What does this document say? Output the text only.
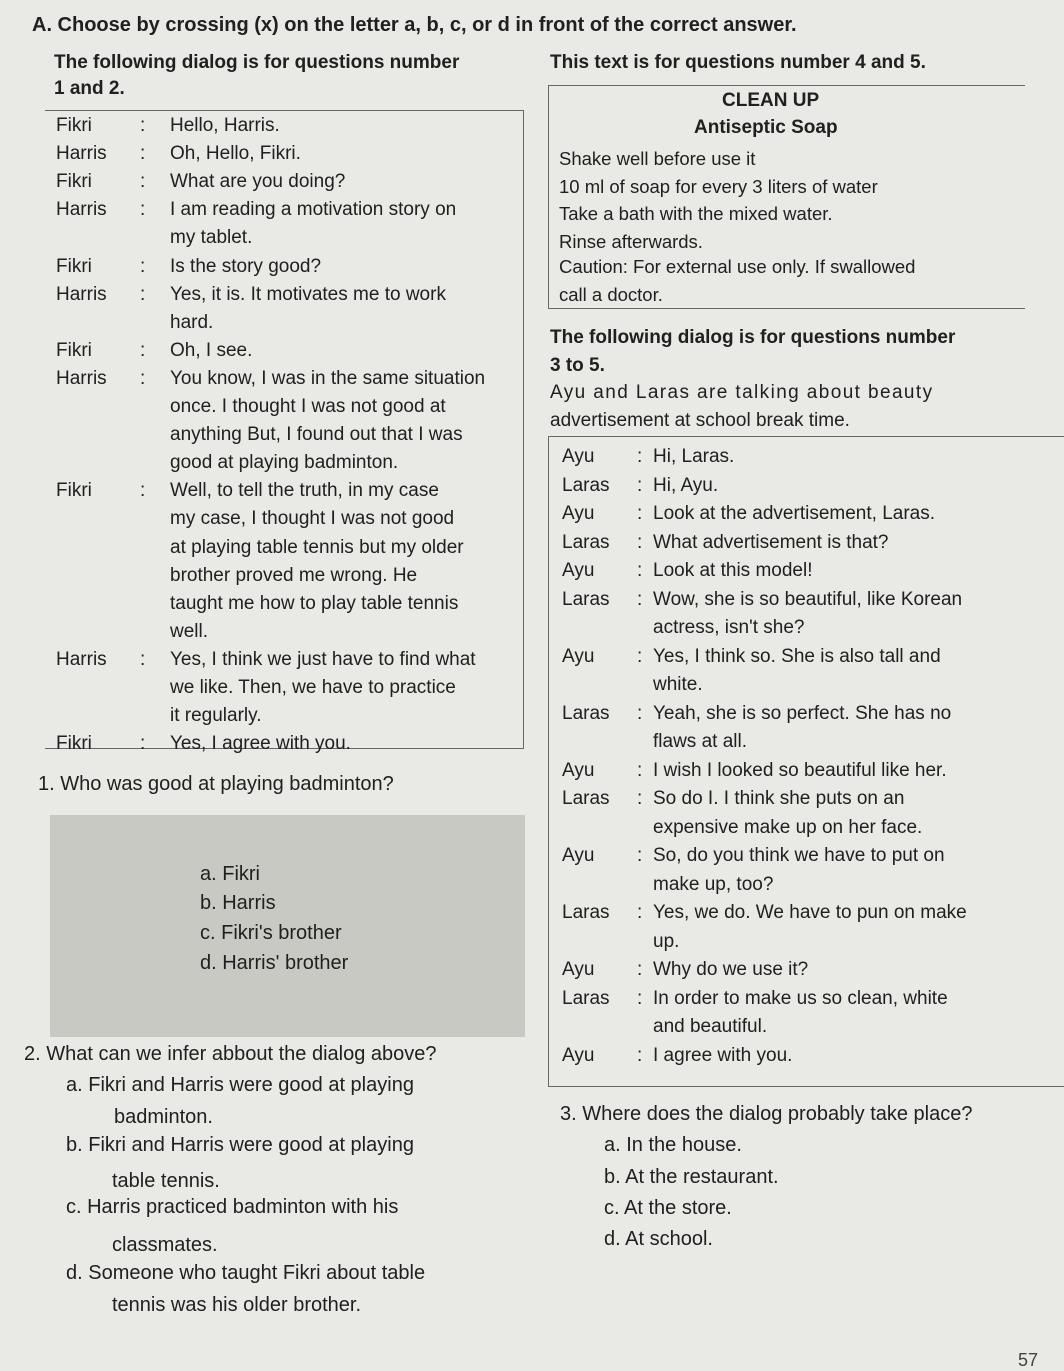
A. Choose by crossing (x) on the letter a, b, c, or d in front of the correct answer.
The following dialog is for questions number
1 and 2.
Fikri	: Hello, Harris.
Harris : Oh, Hello, Fikri.
Fikri	: What are you doing?
Harris : I am reading a motivation story on
my tablet.
Fikri	: Is the story good?
Harris : Yes, it is. It motivates me to work
hard.
Fikri	: Oh, I see.
Harris : You know, I was in the same situation
once. I thought I was not good at
anything But, I found out that I was
good at playing badminton.
Fikri	: Well, to tell the truth, in my case
my case, I thought I was not good
at playing table tennis but my older
brother proved me wrong. He
taught me how to play table tennis
well.
Harris : Yes, I think we just have to find what
we like. Then, we have to practice
it regularly.
Fikri	: Yes, I agree with you.
This text is for questions number 4 and 5.
CLEAN UP
Antiseptic Soap
Shake well before use it
10 ml of soap for every 3 liters of water
Take a bath with the mixed water.
Rinse afterwards.
Caution: For external use only. If swallowed
call a doctor.
The following dialog is for questions number
3 to 5.
Ayu and Laras are talking about beauty
advertisement at school break time.
Ayu : Hi, Laras.
Laras : Hi, Ayu.
Ayu : Look at the advertisement, Laras.
Laras : What advertisement is that?
Ayu : Look at this model!
Laras : Wow, she is so beautiful, like Korean
actress, isn't she?
Ayu : Yes, I think so. She is also tall and
white.
Laras : Yeah, she is so perfect. She has no
flaws at all.
Ayu : I wish I looked so beautiful like her.
Laras : So do I. I think she puts on an
expensive make up on her face.
Ayu : So, do you think we have to put on
make up, too?
Laras : Yes, we do. We have to pun on make
up.
Ayu : Why do we use it?
Laras : In order to make us so clean, white
and beautiful.
Ayu : I agree with you.
1. Who was good at playing badminton?
a. Fikri
b. Harris
c. Fikri's brother
d. Harris' brother
2. What can we infer abbout the dialog above?
a. Fikri and Harris were good at playing
badminton.
b. Fikri and Harris were good at playing
table tennis.
c. Harris practiced badminton with his
classmates.
d. Someone who taught Fikri about table
tennis was his older brother.
3. Where does the dialog probably take place?
a. In the house.
b. At the restaurant.
c. At the store.
d. At school.
57
